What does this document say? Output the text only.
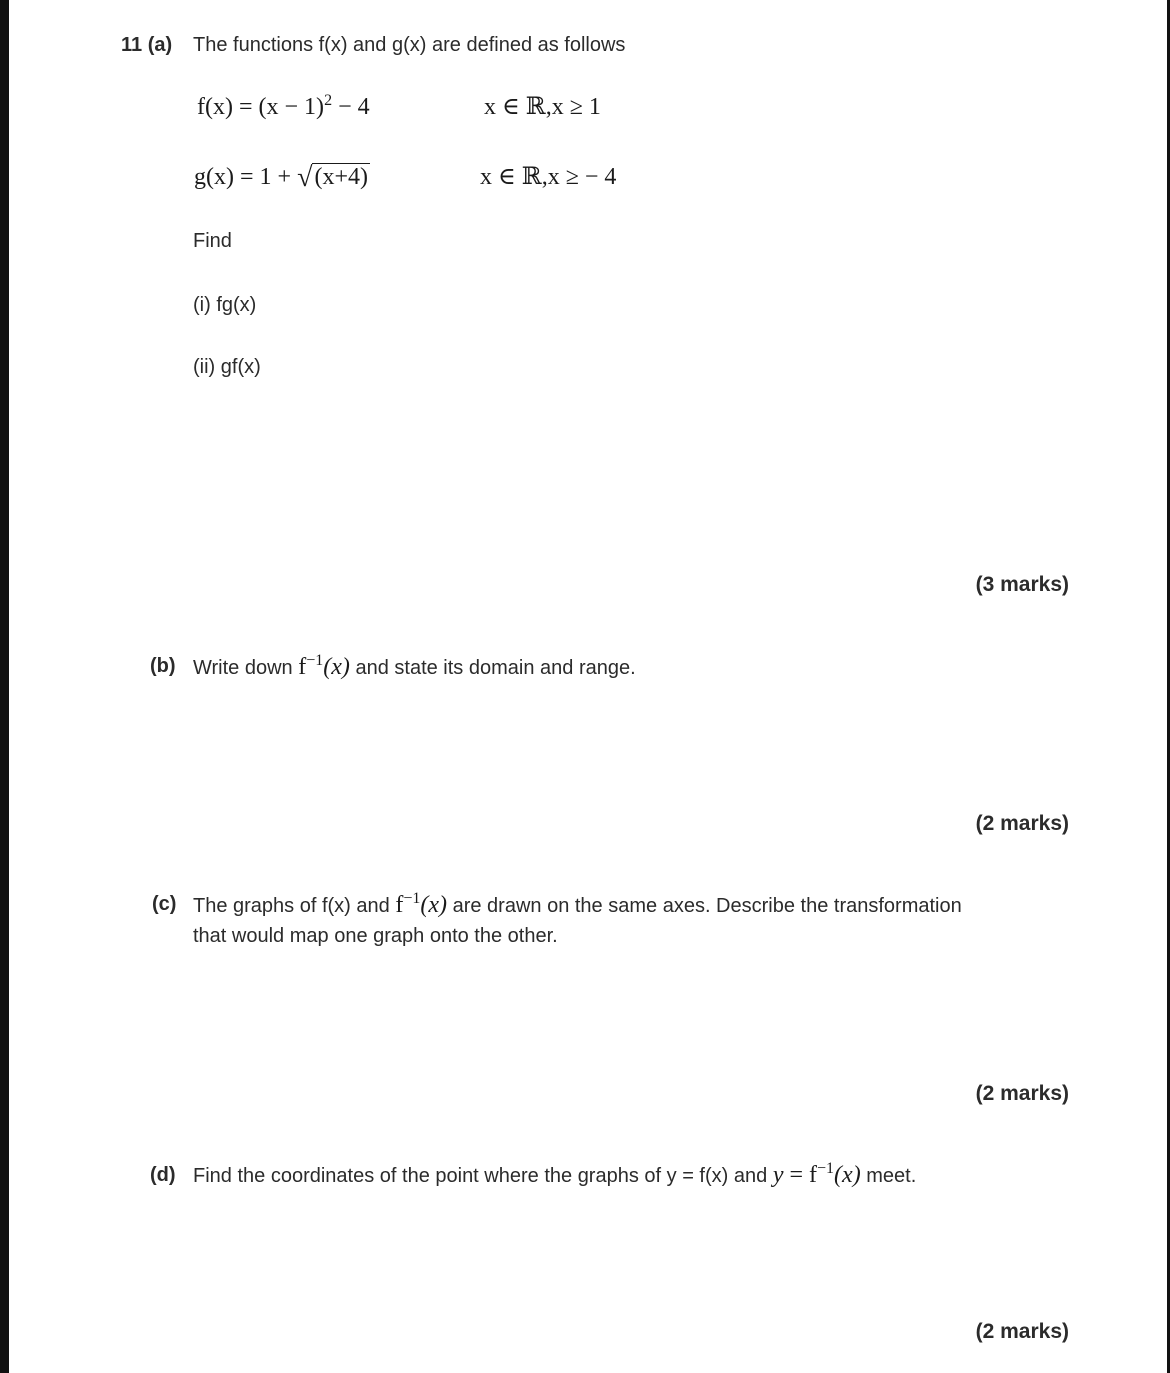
11 (a) The functions f(x) and g(x) are defined as follows
$f(x) = (x - 1)^2 - 4$	x ∈ ℝ,x ≥ 1
g(x) = 1 + √(x+4)	x ∈ ℝ,x ≥ − 4
Find
(i) fg(x)
(ii) gf(x)
(3 marks)
(b) Write down $f^{-1}(x)$ and state its domain and range.
(2 marks)
(c) The graphs of f(x) and $f^{-1}(x)$ are drawn on the same axes. Describe the transformation
that would map one graph onto the other.
(2 marks)
(d) Find the coordinates of the point where the graphs of y = f(x) and $y = f^{-1}(x)$ meet.
(2 marks)
